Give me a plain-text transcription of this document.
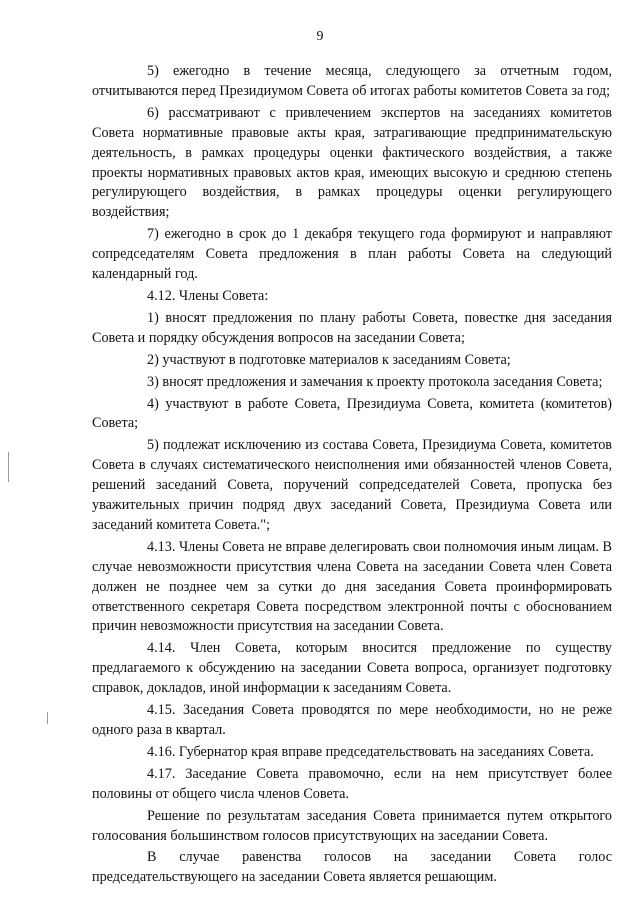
9

5) ежегодно в течение месяца, следующего за отчетным годом, отчитываются перед Президиумом Совета об итогах работы комитетов Совета за год;

6) рассматривают с привлечением экспертов на заседаниях комитетов Совета нормативные правовые акты края, затрагивающие предпринимательскую деятельность, в рамках процедуры оценки фактического воздействия, а также проекты нормативных правовых актов края, имеющих высокую и среднюю степень регулирующего воздействия, в рамках процедуры оценки регулирующего воздействия;

7) ежегодно в срок до 1 декабря текущего года формируют и направляют сопредседателям Совета предложения в план работы Совета на следующий календарный год.

4.12. Члены Совета:

1) вносят предложения по плану работы Совета, повестке дня заседания Совета и порядку обсуждения вопросов на заседании Совета;

2) участвуют в подготовке материалов к заседаниям Совета;

3) вносят предложения и замечания к проекту протокола заседания Совета;

4) участвуют в работе Совета, Президиума Совета, комитета (комитетов) Совета;

5) подлежат исключению из состава Совета, Президиума Совета, комитетов Совета в случаях систематического неисполнения ими обязанностей членов Совета, решений заседаний Совета, поручений сопредседателей Совета, пропуска без уважительных причин подряд двух заседаний Совета, Президиума Совета или заседаний комитета Совета.";

4.13. Члены Совета не вправе делегировать свои полномочия иным лицам. В случае невозможности присутствия члена Совета на заседании Совета член Совета должен не позднее чем за сутки до дня заседания Совета проинформировать ответственного секретаря Совета посредством электронной почты с обоснованием причин невозможности присутствия на заседании Совета.

4.14. Член Совета, которым вносится предложение по существу предлагаемого к обсуждению на заседании Совета вопроса, организует подготовку справок, докладов, иной информации к заседаниям Совета.

4.15. Заседания Совета проводятся по мере необходимости, но не реже одного раза в квартал.

4.16. Губернатор края вправе председательствовать на заседаниях Совета.

4.17. Заседание Совета правомочно, если на нем присутствует более половины от общего числа членов Совета.

Решение по результатам заседания Совета принимается путем открытого голосования большинством голосов присутствующих на заседании Совета.

В случае равенства голосов на заседании Совета голос председательствующего на заседании Совета является решающим.
